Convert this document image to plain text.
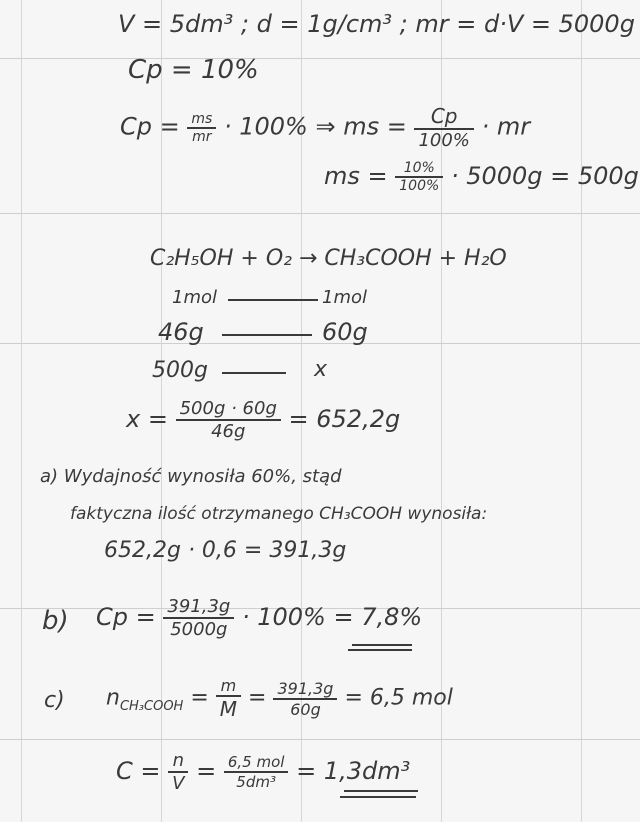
V = 5dm³ ; d = 1g/cm³ ; mr = d·V = 5000g
Cp = 10%
$Cp = \frac{ms}{mr} \cdot 100\%$ ⇒ ms = $\frac{Cp}{100\%}$ · mr
ms = $\frac{10\%}{100\%} \cdot 5000g = 500g$
C₂H₅OH + O₂ → CH₃COOH + H₂O
1mol	1mol
46g	60g
500g	x
$x = \frac{500g \cdot 60g}{46g} = 652,2g$
a) Wydajność wynosiła 60%, stąd
faktyczna ilość otrzymanego CH₃COOH wynosiła:
652,2g · 0,6 = 391,3g
b) $Cp = \frac{391,3g}{5000g} \cdot 100\% = 7,8\%$
c) $n_{CH_3COOH} = \frac{m}{M} = \frac{391,3g}{60g} = 6,5$ mol
$C = \frac{n}{V} = \frac{\text{6,5 mol}}{\text{5dm³}} = 1,3dm^3$
